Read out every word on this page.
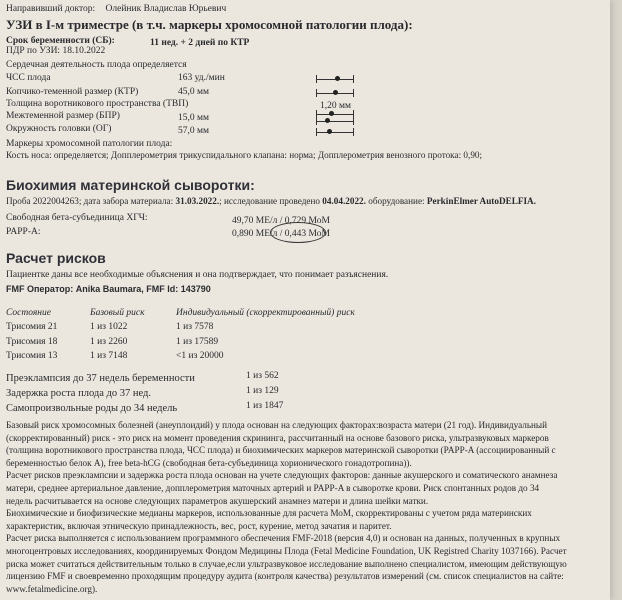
Направивший доктор: Олейник Владислав Юрьевич
УЗИ в I-м триместре (в т.ч. маркеры хромосомной патологии плода):
Срок беременности (СБ):	11 нед. + 2 дней по КТР
ПДР по УЗИ: 18.10.2022
Сердечная деятельность плода определяется
ЧСС плода	163 уд./мин
Копчико-теменной размер (КТР)	45,0 мм
Толщина воротникового пространства (ТВП)	1,20 мм
Межтеменной размер (БПР)	15,0 мм
Окружность головки (ОГ)	57,0 мм
Маркеры хромосомной патологии плода:
Кость носа: определяется; Допплерометрия трикуспидального клапана: норма; Допплерометрия венозного протока: 0,90;
Биохимия материнской сыворотки:
Проба 2022004263; дата забора материала: 31.03.2022.; исследование проведено 04.04.2022. оборудование: PerkinElmer AutoDELFIA.
Свободная бета-субъединица ХГЧ:	49,70 МЕ/л / 0,729 МоМ
PAPP-A:	0,890 МЕ/л / 0,443 МоМ
Расчет рисков
Пациентке даны все необходимые объяснения и она подтверждает, что понимает разъяснения.
FMF Оператор: Anika Baumara, FMF Id: 143790
Состояние	Базовый риск	Индивидуальный (скорректированный) риск
Трисомия 21	1 из 1022	1 из 7578
Трисомия 18	1 из 2260	1 из 17589
Трисомия 13	1 из 7148	<1 из 20000
Преэклампсия до 37 недель беременности	1 из 562
Задержка роста плода до 37 нед.	1 из 129
Самопроизвольные роды до 34 недель	1 из 1847

Базовый риск хромосомных болезней (анеуплоидий) у плода основан на следующих факторах:возраста матери (21 год). Индивидуальный

(скорректированный) риск - это риск на момент проведения скрининга, рассчитанный на основе базового риска, ультразвуковых маркеров

(толщина воротникового пространства плода, ЧСС плода) и биохимических маркеров материнской сыворотки (PAPP-A (ассоциированный с

беременностью белок А), free beta-hCG (свободная бета-субъединица хорионического гонадотропина)).

Расчет рисков преэклампсии и задержка роста плода основан на учете следующих факторов: данные акушерского и соматического анамнеза

матери, среднее артериальное давление, допплерометрия маточных артерий и PAPP-A в сыворотке крови. Риск спонтанных родов до 34

недель расчитывается на основе следующих параметров акушерский анамнез матери и длина шейки матки.

Биохимические и биофизические медианы маркеров, использованные для расчета МоМ, скорректированы с учетом ряда материнских

характеристик, включая этническую принадлежность, вес, рост, курение, метод зачатия и паритет.

Расчет риска выполняется с использованием программного обеспечения FMF-2018 (версия 4,0) и основан на данных, полученных в крупных

многоцентровых исследованиях, координируемых Фондом Медицины Плода (Fetal Medicine Foundation, UK Registred Charity 1037166). Расчет

риска может считаться действительным только в случае,если ультразвуковое исследование выполнено специалистом, имеющим действующую

лицензию FMF и своевременно проходящим процедуру аудита (контроля качества) результатов измерений (см. список специалистов на сайте:

www.fetalmedicine.org).
